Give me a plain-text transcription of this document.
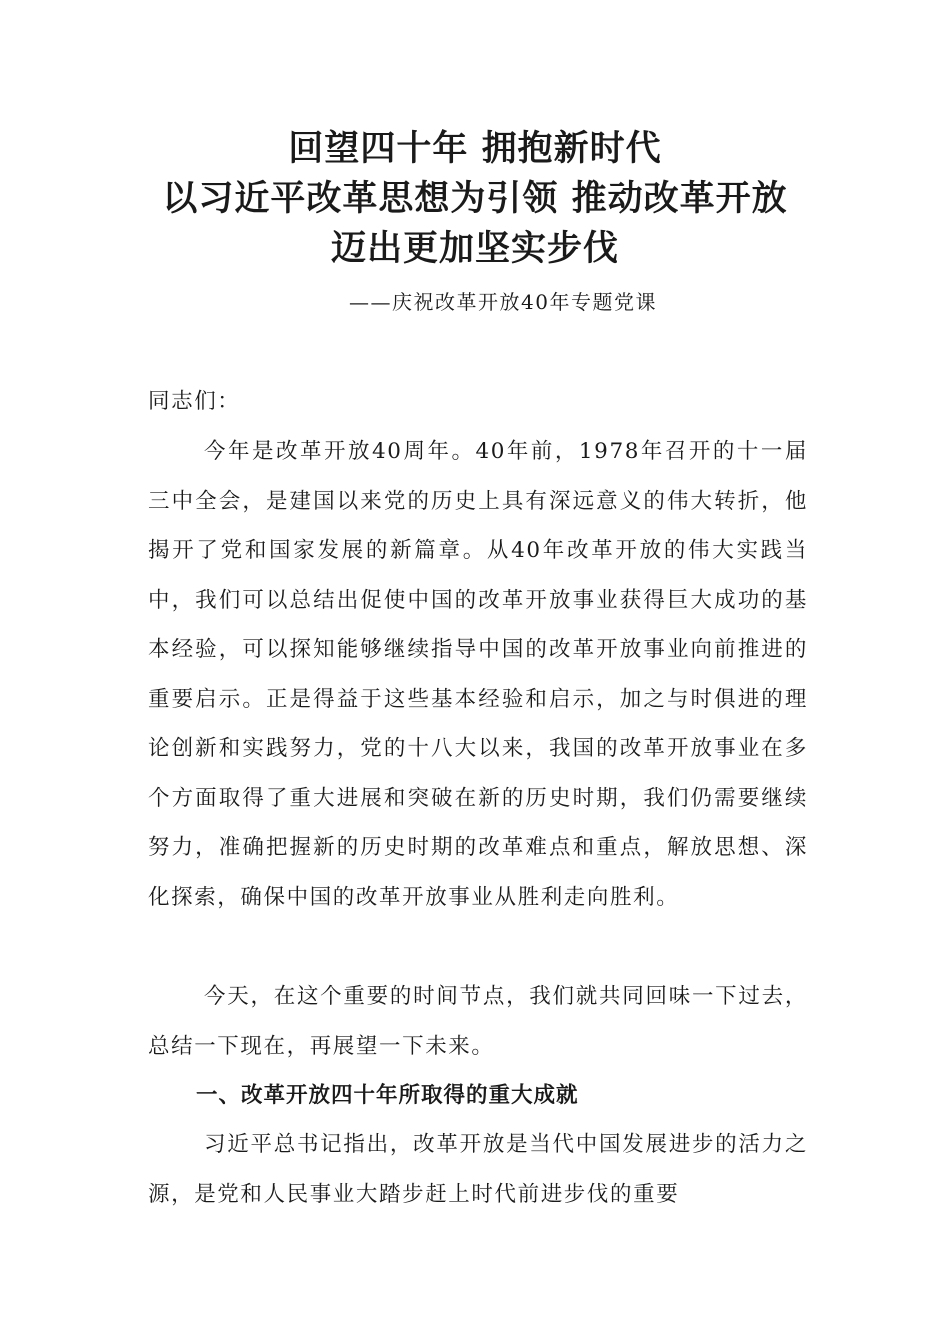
回望四十年 拥抱新时代
以习近平改革思想为引领 推动改革开放
迈出更加坚实步伐
——庆祝改革开放40年专题党课
同志们：

今年是改革开放40周年。40年前，1978年召开的十一届三中全会，是建国以来党的历史上具有深远意义的伟大转折，他揭开了党和国家发展的新篇章。从40年改革开放的伟大实践当中，我们可以总结出促使中国的改革开放事业获得巨大成功的基本经验，可以探知能够继续指导中国的改革开放事业向前推进的重要启示。正是得益于这些基本经验和启示，加之与时俱进的理论创新和实践努力，党的十八大以来，我国的改革开放事业在多个方面取得了重大进展和突破在新的历史时期，我们仍需要继续努力，准确把握新的历史时期的改革难点和重点，解放思想、深化探索，确保中国的改革开放事业从胜利走向胜利。

今天，在这个重要的时间节点，我们就共同回味一下过去，总结一下现在，再展望一下未来。

一、改革开放四十年所取得的重大成就

习近平总书记指出，改革开放是当代中国发展进步的活力之源，是党和人民事业大踏步赶上时代前进步伐的重要
